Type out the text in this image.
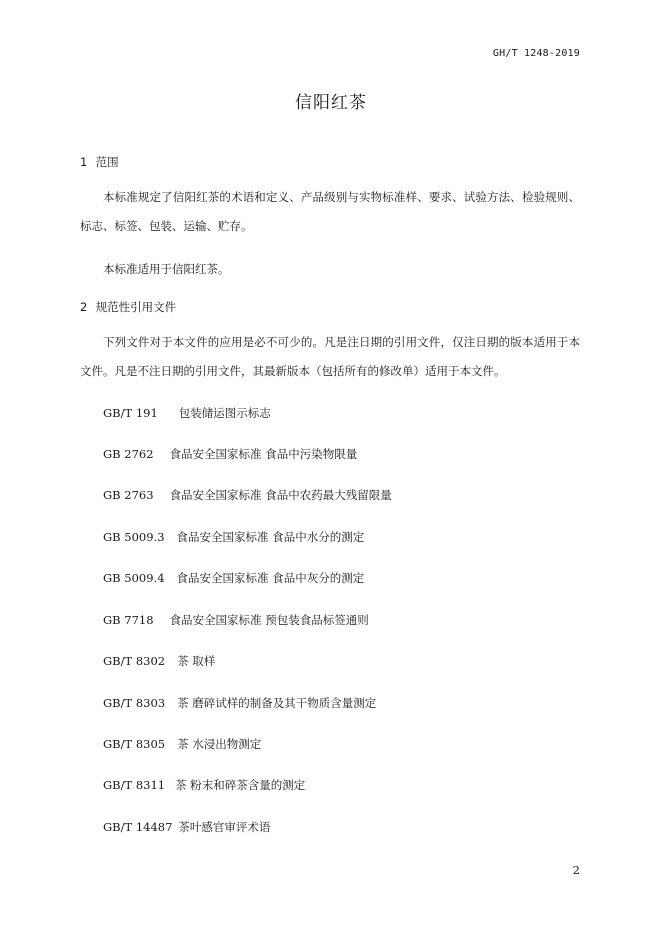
GH/T 1248-2019
信阳红茶
1 范围
本标准规定了信阳红茶的术语和定义、产品级别与实物标准样、要求、试验方法、检验规则、标志、标签、包装、运输、贮存。
本标准适用于信阳红茶。
2 规范性引用文件
下列文件对于本文件的应用是必不可少的。凡是注日期的引用文件，仅注日期的版本适用于本文件。凡是不注日期的引用文件，其最新版本（包括所有的修改单）适用于本文件。
GB/T 191 包装储运图示标志
GB 2762 食品安全国家标准 食品中污染物限量
GB 2763 食品安全国家标准 食品中农药最大残留限量
GB 5009.3 食品安全国家标准 食品中水分的测定
GB 5009.4 食品安全国家标准 食品中灰分的测定
GB 7718 食品安全国家标准 预包装食品标签通则
GB/T 8302 茶 取样
GB/T 8303 茶 磨碎试样的制备及其干物质含量测定
GB/T 8305 茶 水浸出物测定
GB/T 8311 茶 粉末和碎茶含量的测定
GB/T 14487 茶叶感官审评术语
2
